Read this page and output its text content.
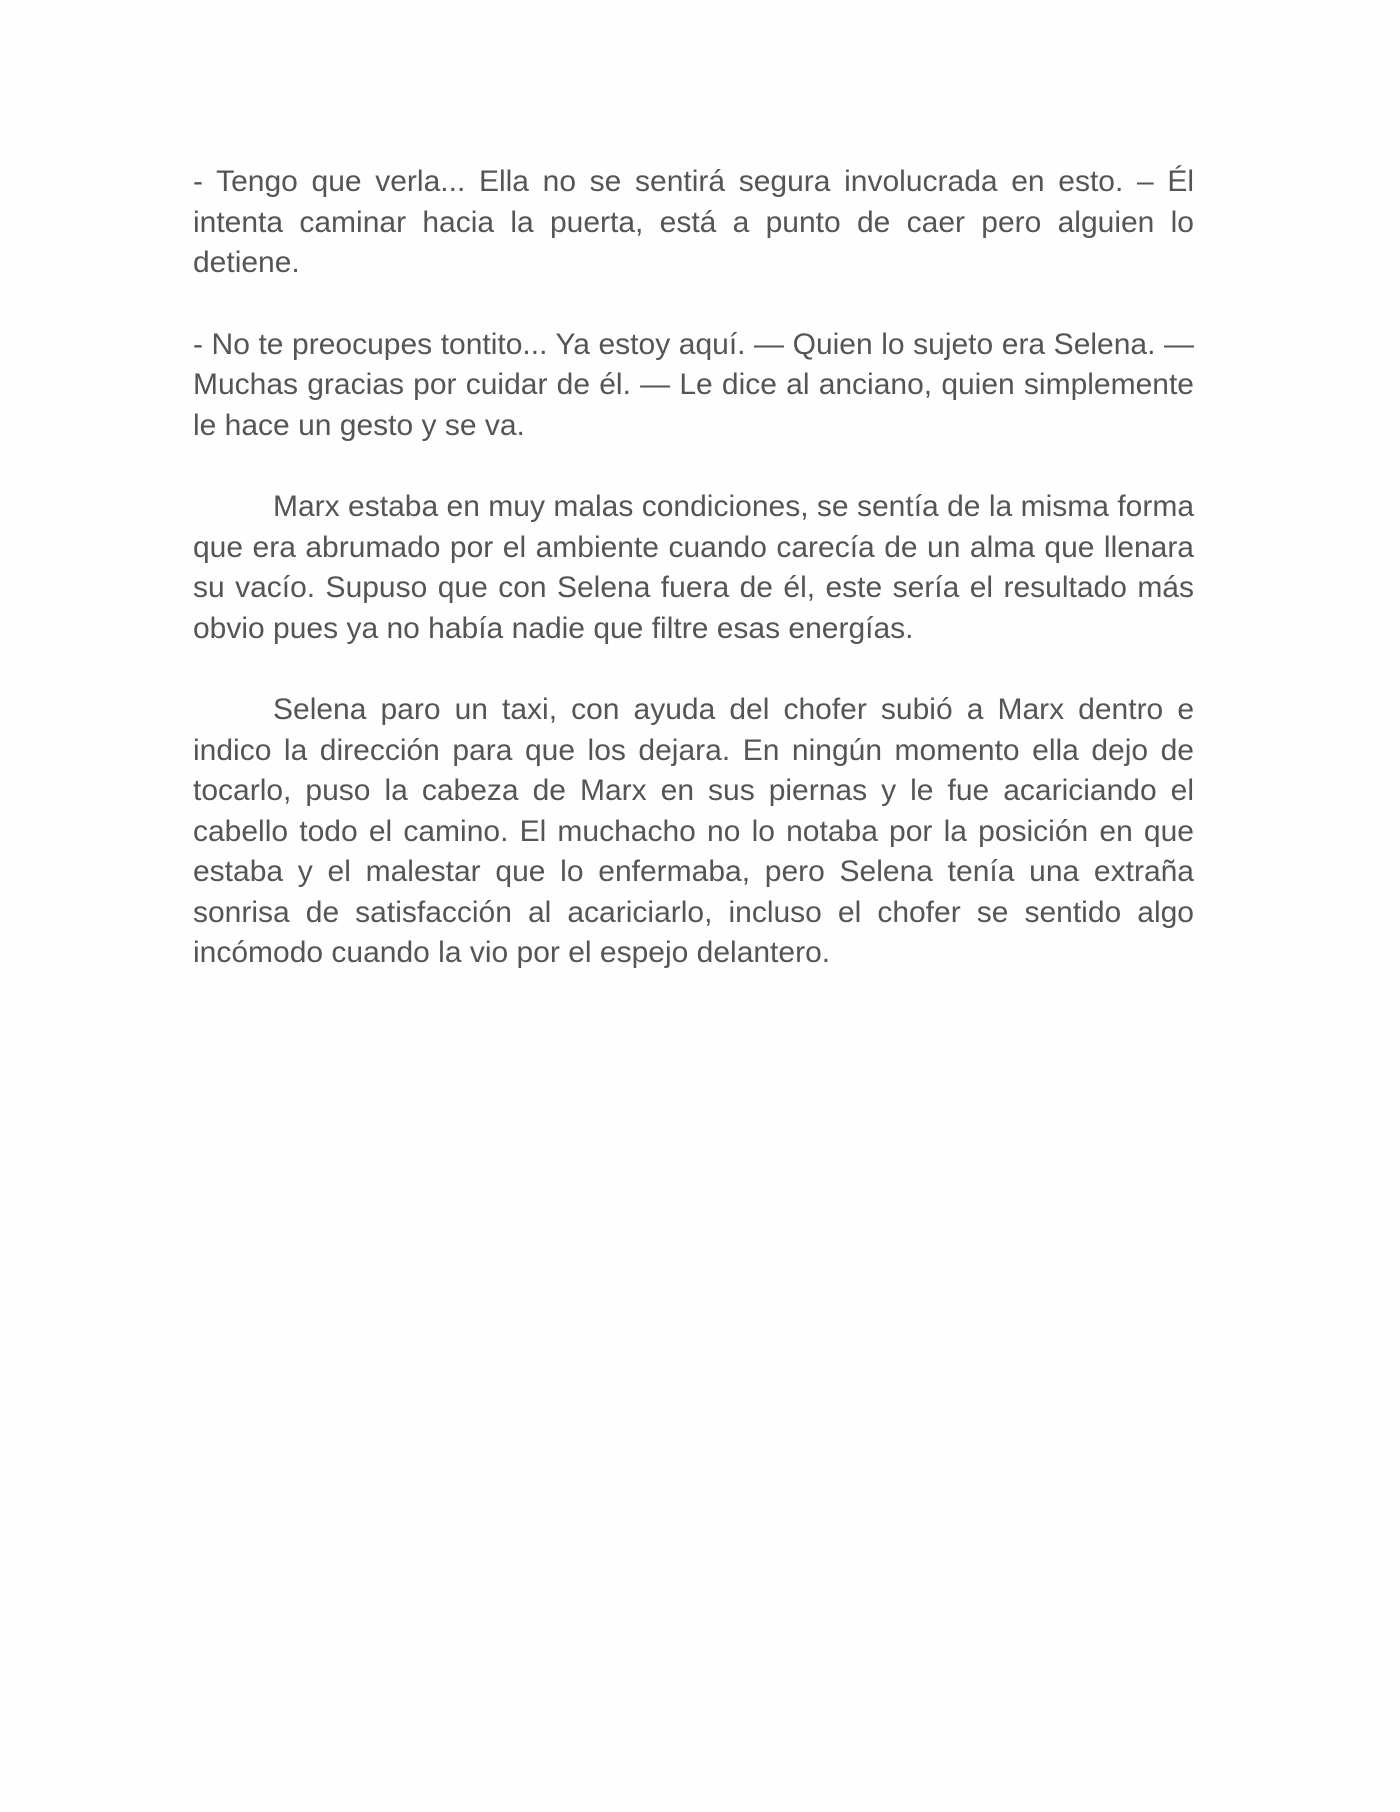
- Tengo que verla... Ella no se sentirá segura involucrada en esto. – Él intenta caminar hacia la puerta, está a punto de caer pero alguien lo detiene.

- No te preocupes tontito... Ya estoy aquí. — Quien lo sujeto era Selena. — Muchas gracias por cuidar de él. — Le dice al anciano, quien simplemente le hace un gesto y se va.

Marx estaba en muy malas condiciones, se sentía de la misma forma que era abrumado por el ambiente cuando carecía de un alma que llenara su vacío. Supuso que con Selena fuera de él, este sería el resultado más obvio pues ya no había nadie que filtre esas energías.

Selena paro un taxi, con ayuda del chofer subió a Marx dentro e indico la dirección para que los dejara. En ningún momento ella dejo de tocarlo, puso la cabeza de Marx en sus piernas y le fue acariciando el cabello todo el camino. El muchacho no lo notaba por la posición en que estaba y el malestar que lo enfermaba, pero Selena tenía una extraña sonrisa de satisfacción al acariciarlo, incluso el chofer se sentido algo incómodo cuando la vio por el espejo delantero.
